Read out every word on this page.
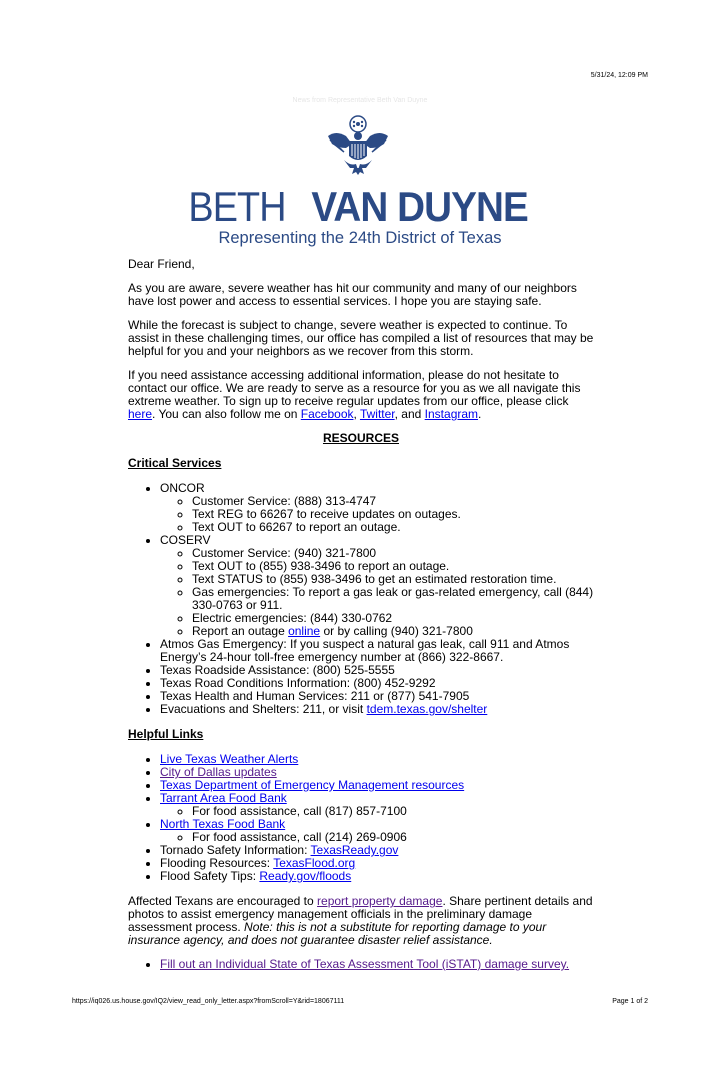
5/31/24, 12:09 PM
News from Representative Beth Van Duyne
BETH VAN DUYNE
Representing the 24th District of Texas

Dear Friend,

As you are aware, severe weather has hit our community and many of our neighbors have lost power and access to essential services. I hope you are staying safe.

While the forecast is subject to change, severe weather is expected to continue. To assist in these challenging times, our office has compiled a list of resources that may be helpful for you and your neighbors as we recover from this storm.

If you need assistance accessing additional information, please do not hesitate to contact our office. We are ready to serve as a resource for you as we all navigate this extreme weather. To sign up to receive regular updates from our office, please click here. You can also follow me on Facebook, Twitter, and Instagram.

RESOURCES
Critical Services
• ONCOR
◦ Customer Service: (888) 313-4747
◦ Text REG to 66267 to receive updates on outages.
◦ Text OUT to 66267 to report an outage.
• COSERV
◦ Customer Service: (940) 321-7800
◦ Text OUT to (855) 938-3496 to report an outage.
◦ Text STATUS to (855) 938-3496 to get an estimated restoration time.
◦ Gas emergencies: To report a gas leak or gas-related emergency, call (844) 330-0763 or 911.
◦ Electric emergencies: (844) 330-0762
◦ Report an outage online or by calling (940) 321-7800
• Atmos Gas Emergency: If you suspect a natural gas leak, call 911 and Atmos Energy’s 24-hour toll-free emergency number at (866) 322-8667.
• Texas Roadside Assistance: (800) 525-5555
• Texas Road Conditions Information: (800) 452-9292
• Texas Health and Human Services: 211 or (877) 541-7905
• Evacuations and Shelters: 211, or visit tdem.texas.gov/shelter
Helpful Links
• Live Texas Weather Alerts
• City of Dallas updates
• Texas Department of Emergency Management resources
• Tarrant Area Food Bank
◦ For food assistance, call (817) 857-7100
• North Texas Food Bank
◦ For food assistance, call (214) 269-0906
• Tornado Safety Information: TexasReady.gov
• Flooding Resources: TexasFlood.org
• Flood Safety Tips: Ready.gov/floods

Affected Texans are encouraged to report property damage. Share pertinent details and photos to assist emergency management officials in the preliminary damage assessment process. Note: this is not a substitute for reporting damage to your insurance agency, and does not guarantee disaster relief assistance.

• Fill out an Individual State of Texas Assessment Tool (iSTAT) damage survey.
https://iq026.us.house.gov/IQ2/view_read_only_letter.aspx?fromScroll=Y&rid=18067111	Page 1 of 2
